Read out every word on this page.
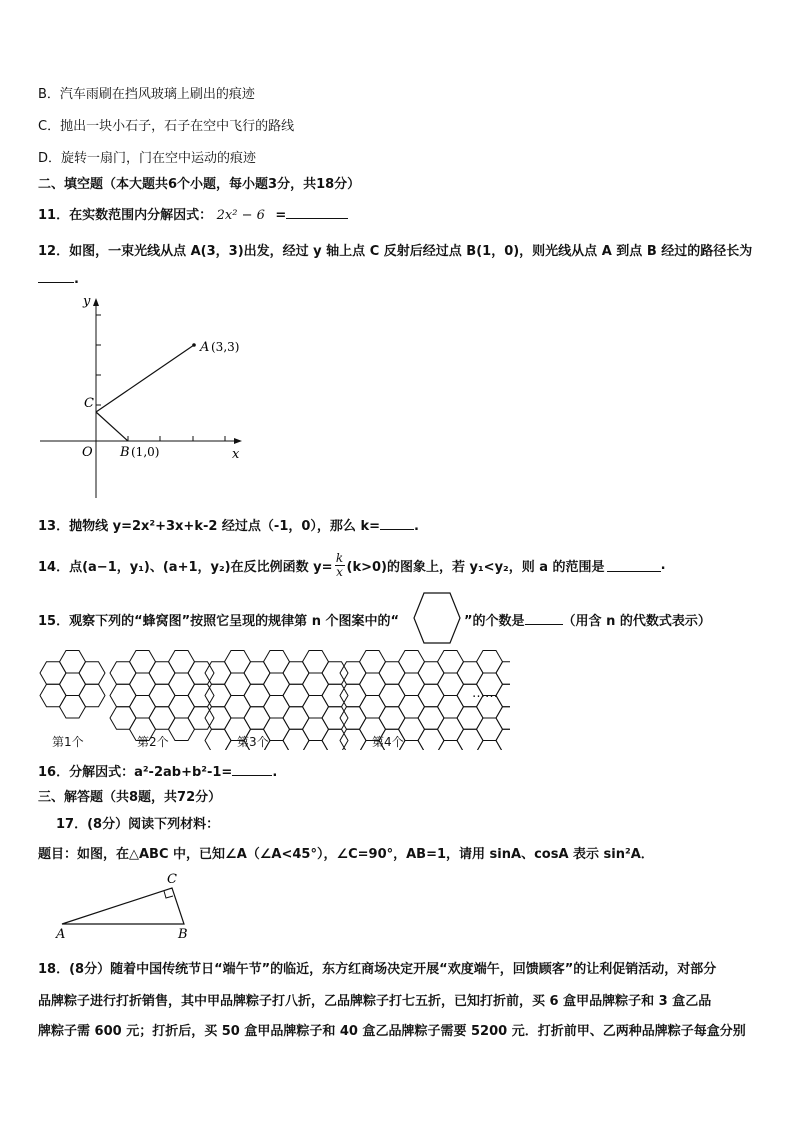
B．汽车雨刷在挡风玻璃上刷出的痕迹
C．抛出一块小石子，石子在空中飞行的路线
D．旋转一扇门，门在空中运动的痕迹
二、填空题（本大题共6个小题，每小题3分，共18分）
11．在实数范围内分解因式： 2x² − 6 =
12．如图，一束光线从点 A(3，3)出发，经过 y 轴上点 C 反射后经过点 B(1，0)，则光线从点 A 到点 B 经过的路径长为
.
y
x
O
C
A (3,3)
B (1,0)
13．抛物线 y=2x²+3x+k-2 经过点（-1，0），那么 k=	.
14．点(a−1，y₁)、(a+1，y₂)在反比例函数 y=
k
x (k>0)的图象上，若 y₁<y₂，则 a 的范围是	.
15．观察下列的“蜂窝图”按照它呈现的规律第 n 个图案中的“	”的个数是	（用含 n 的代数式表示）
第1个	第2个	第3个	第4个
……
16．分解因式：a²-2ab+b²-1=	.
三、解答题（共8题，共72分）
17．(8分）阅读下列材料：
题目：如图，在△ABC 中，已知∠A（∠A<45°），∠C=90°，AB=1，请用 sinA、cosA 表示 sin²A．
A	B
C
18．(8分）随着中国传统节日“端午节”的临近，东方红商场决定开展“欢度端午，回馈顾客”的让利促销活动，对部分
品牌粽子进行打折销售，其中甲品牌粽子打八折，乙品牌粽子打七五折，已知打折前，买 6 盒甲品牌粽子和 3 盒乙品
牌粽子需 600 元；打折后，买 50 盒甲品牌粽子和 40 盒乙品牌粽子需要 5200 元．打折前甲、乙两种品牌粽子每盒分别
